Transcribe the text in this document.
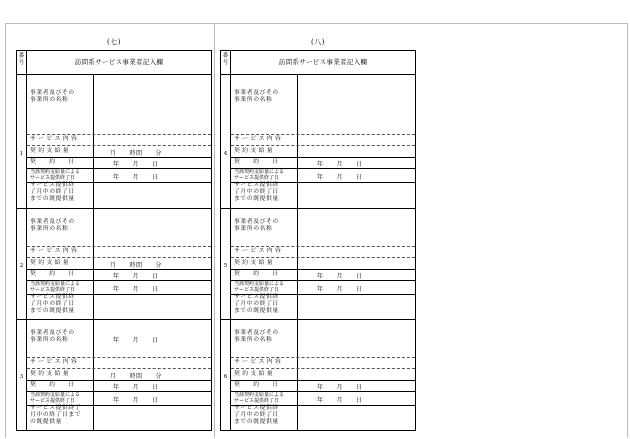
(七)
番号	訪問系サービス事業者記入欄
1
事業者及びその
事業所の名称
サービス内容
契約支給量	月　　時間　　分
契　　約　　日	年　　月　　日
当該契約支給量による
サービス提供終了日	年　　月　　日
サービス提供終
了月中の終了日
までの既提供量
2
事業者及びその
事業所の名称
サービス内容
契約支給量	月　　時間　　分
契　　約　　日	年　　月　　日
当該契約支給量による
サービス提供終了日	年　　月　　日
サービス提供終
了月中の終了日
までの既提供量
3
事業者及びその
事業所の名称	年　　月　　日
サービス内容
契約支給量	月　　時間　　分
契　　約　　日	年　　月　　日
当該契約支給量による
サービス提供終了日	年　　月　　日
サービス提供終了
月中の終了日まで
の既提供量
(八)
番号	訪問系サービス事業者記入欄
4
事業者及びその
事業所の名称
サービス内容
契約支給量
契　　約　　日	年　　月　　日
当該契約支給量による
サービス提供終了日	年　　月　　日
サービス提供終
了月中の終了日
までの既提供量
5
事業者及びその
事業所の名称
サービス内容
契約支給量
契　　約　　日	年　　月　　日
当該契約支給量による
サービス提供終了日	年　　月　　日
サービス提供終
了月中の終了日
までの既提供量
6
事業者及びその
事業所の名称
サービス内容
契約支給量
契　　約　　日	年　　月　　日
当該契約支給量による
サービス提供終了日	年　　月　　日
サービス提供終
了月中の終了日
までの既提供量
